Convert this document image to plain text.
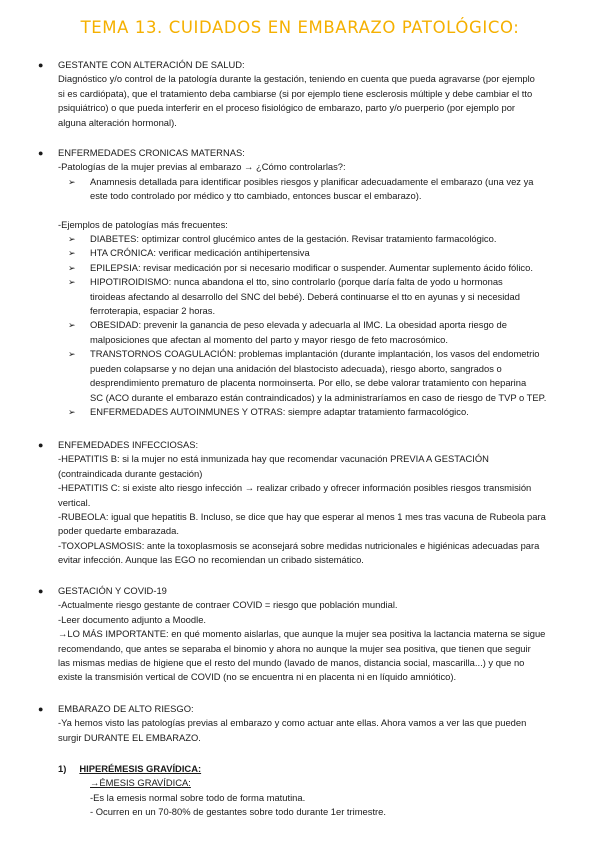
TEMA 13. CUIDADOS EN EMBARAZO PATOLÓGICO:
● GESTANTE CON ALTERACIÓN DE SALUD:
Diagnóstico y/o control de la patología durante la gestación, teniendo en cuenta que pueda agravarse (por ejemplo
si es cardiópata), que el tratamiento deba cambiarse (si por ejemplo tiene esclerosis múltiple y debe cambiar el tto
psiquiátrico) o que pueda interferir en el proceso fisiológico de embarazo, parto y/o puerperio (por ejemplo por
alguna alteración hormonal).
● ENFERMEDADES CRONICAS MATERNAS:
-Patologías de la mujer previas al embarazo → ¿Cómo controlarlas?:
➢ Anamnesis detallada para identificar posibles riesgos y planificar adecuadamente el embarazo (una vez ya
este todo controlado por médico y tto cambiado, entonces buscar el embarazo).
-Ejemplos de patologías más frecuentes:
➢ DIABETES: optimizar control glucémico antes de la gestación. Revisar tratamiento farmacológico.
➢ HTA CRÓNICA: verificar medicación antihipertensiva
➢ EPILEPSIA: revisar medicación por si necesario modificar o suspender. Aumentar suplemento ácido fólico.
➢ HIPOTIROIDISMO: nunca abandona el tto, sino controlarlo (porque daría falta de yodo u hormonas
tiroideas afectando al desarrollo del SNC del bebé). Deberá continuarse el tto en ayunas y si necesidad
ferroterapia, espaciar 2 horas.
➢ OBESIDAD: prevenir la ganancia de peso elevada y adecuarla al IMC. La obesidad aporta riesgo de
malposiciones que afectan al momento del parto y mayor riesgo de feto macrosómico.
➢ TRANSTORNOS COAGULACIÓN: problemas implantación (durante implantación, los vasos del endometrio
pueden colapsarse y no dejan una anidación del blastocisto adecuada), riesgo aborto, sangrados o
desprendimiento prematuro de placenta normoinserta. Por ello, se debe valorar tratamiento con heparina
SC (ACO durante el embarazo están contraindicados) y la administraríamos en caso de riesgo de TVP o TEP.
➢ ENFERMEDADES AUTOINMUNES Y OTRAS: siempre adaptar tratamiento farmacológico.
● ENFEMEDADES INFECCIOSAS:
-HEPATITIS B: si la mujer no está inmunizada hay que recomendar vacunación PREVIA A GESTACIÓN
(contraindicada durante gestación)
-HEPATITIS C: si existe alto riesgo infección → realizar cribado y ofrecer información posibles riesgos transmisión
vertical.
-RUBEOLA: igual que hepatitis B. Incluso, se dice que hay que esperar al menos 1 mes tras vacuna de Rubeola para
poder quedarte embarazada.
-TOXOPLASMOSIS: ante la toxoplasmosis se aconsejará sobre medidas nutricionales e higiénicas adecuadas para
evitar infección. Aunque las EGO no recomiendan un cribado sistemático.
● GESTACIÓN Y COVID-19
-Actualmente riesgo gestante de contraer COVID = riesgo que población mundial.
-Leer documento adjunto a Moodle.
→LO MÁS IMPORTANTE: en qué momento aislarlas, que aunque la mujer sea positiva la lactancia materna se sigue
recomendando, que antes se separaba el binomio y ahora no aunque la mujer sea positiva, que tienen que seguir
las mismas medias de higiene que el resto del mundo (lavado de manos, distancia social, mascarilla...) y que no
existe la transmisión vertical de COVID (no se encuentra ni en placenta ni en líquido amniótico).
● EMBARAZO DE ALTO RIESGO:
-Ya hemos visto las patologías previas al embarazo y como actuar ante ellas. Ahora vamos a ver las que pueden
surgir DURANTE EL EMBARAZO.
1) HIPERÉMESIS GRAVÍDICA:
→ÉMESIS GRAVÍDICA:
-Es la emesis normal sobre todo de forma matutina.
- Ocurren en un 70-80% de gestantes sobre todo durante 1er trimestre.
